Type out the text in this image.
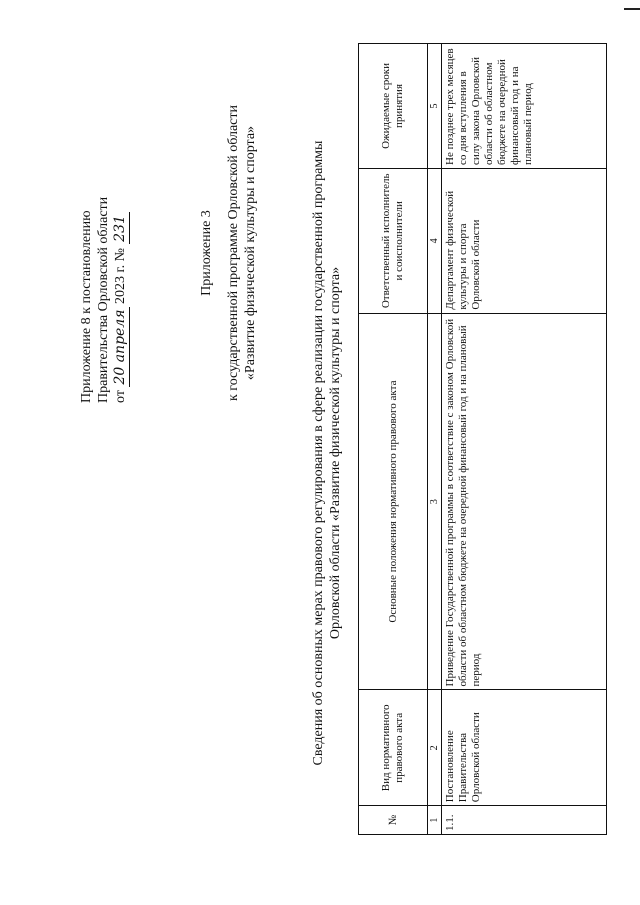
Приложение 8 к постановлению Правительства Орловской области от 20 апреля 2023 г. № 231	Приложение 3 к государственной программе Орловской области «Развитие физической культуры и спорта»	Сведения об основных мерах правового регулирования в сфере реализации государственной программы Орловской области «Развитие физической культуры и спорта»
№	Вид нормативного правового акта	Основные положения нормативного правового акта	Ответственный исполнитель и соисполнители	Ожидаемые сроки принятия
1	2	3	4	5
1.1.	Постановление Правительства Орловской области	Приведение Государственной программы в соответствие с законом Орловской области об областном бюджете на очередной финансовый год и на плановый период	Департамент физической культуры и спорта Орловской области	Не позднее трех месяцев со дня вступления в силу закона Орловской области об областном бюджете на очередной финансовый год и на плановый период
